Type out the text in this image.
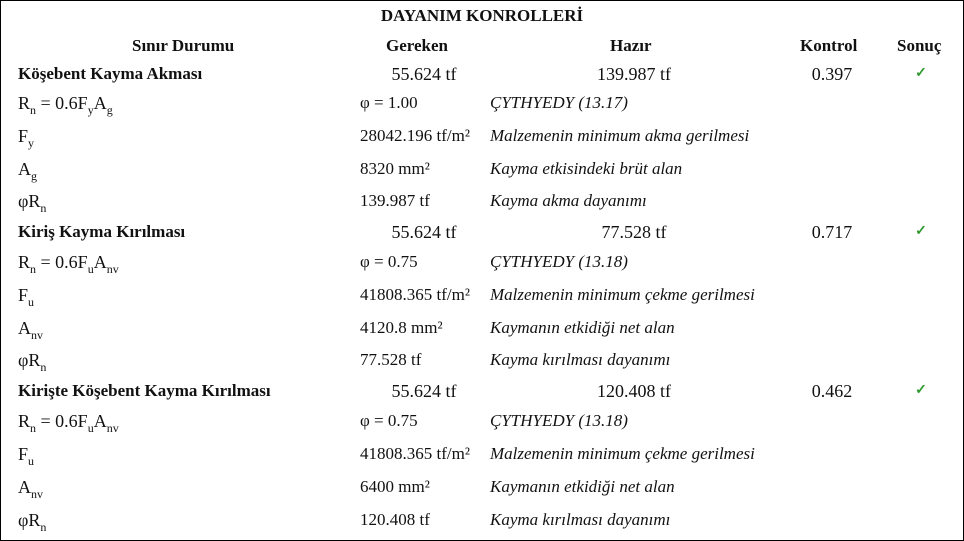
DAYANIM KONROLLERİ
Sınır Durumu	Gereken	Hazır	Kontrol Sonuç
Köşebent Kayma Akması	55.624 tf	139.987 tf	0.397	✓
$R_n = 0.6F_yA_g$	φ = 1.00	ÇYTHYEDY (13.17)
$F_y$	28042.196 tf/m² Malzemenin minimum akma gerilmesi
$A_g$	8320 mm²	Kayma etkisindeki brüt alan
$\varphi R_n$	139.987 tf	Kayma akma dayanımı
Kiriş Kayma Kırılması	55.624 tf	77.528 tf	0.717	✓
$R_n = 0.6F_uA_{nv}$	φ = 0.75	ÇYTHYEDY (13.18)
$F_u$	41808.365 tf/m² Malzemenin minimum çekme gerilmesi
$A_{nv}$	4120.8 mm²	Kaymanın etkidiği net alan
$\varphi R_n$	77.528 tf	Kayma kırılması dayanımı
Kirişte Köşebent Kayma Kırılması	55.624 tf	120.408 tf	0.462	✓
$R_n = 0.6F_uA_{nv}$	φ = 0.75	ÇYTHYEDY (13.18)
$F_u$	41808.365 tf/m² Malzemenin minimum çekme gerilmesi
$A_{nv}$	6400 mm²	Kaymanın etkidiği net alan
$\varphi R_n$	120.408 tf	Kayma kırılması dayanımı
